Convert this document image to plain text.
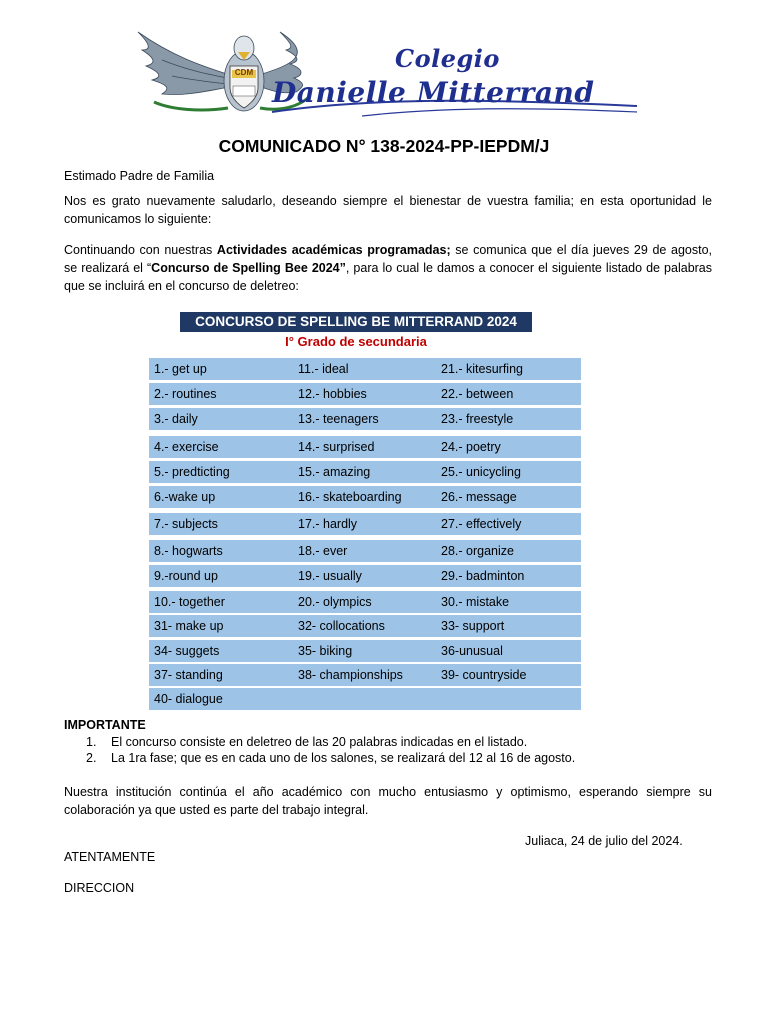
CDM	Colegio
Danielle Mitterrand
COMUNICADO N° 138-2024-PP-IEPDM/J
Estimado Padre de Familia
Nos es grato nuevamente saludarlo, deseando siempre el bienestar de vuestra familia; en esta oportunidad le comunicamos lo siguiente:
Continuando con nuestras Actividades académicas programadas; se comunica que el día jueves 29 de agosto, se realizará el “Concurso de Spelling Bee 2024”, para lo cual le damos a conocer el siguiente listado de palabras que se incluirá en el concurso de deletreo:
CONCURSO DE SPELLING BE MITTERRAND 2024
I° Grado de secundaria
1.- get up	11.- ideal	21.- kitesurfing
2.- routines	12.- hobbies	22.- between
3.- daily	13.- teenagers	23.- freestyle
4.- exercise	14.- surprised	24.- poetry
5.- predticting	15.- amazing	25.- unicycling
6.-wake up	16.- skateboarding	26.- message
7.- subjects	17.- hardly	27.- effectively
8.- hogwarts	18.- ever	28.- organize
9.-round up	19.- usually	29.- badminton
10.- together	20.- olympics	30.- mistake
31- make up	32- collocations	33- support
34- suggets	35- biking	36-unusual
37- standing	38- championships	39- countryside
40- dialogue
IMPORTANTE
1. El concurso consiste en deletreo de las 20 palabras indicadas en el listado.
2. La 1ra fase; que es en cada uno de los salones, se realizará del 12 al 16 de agosto.
Nuestra institución continúa el año académico con mucho entusiasmo y optimismo, esperando siempre su colaboración ya que usted es parte del trabajo integral.
Juliaca, 24 de julio del 2024.
ATENTAMENTE
DIRECCION
